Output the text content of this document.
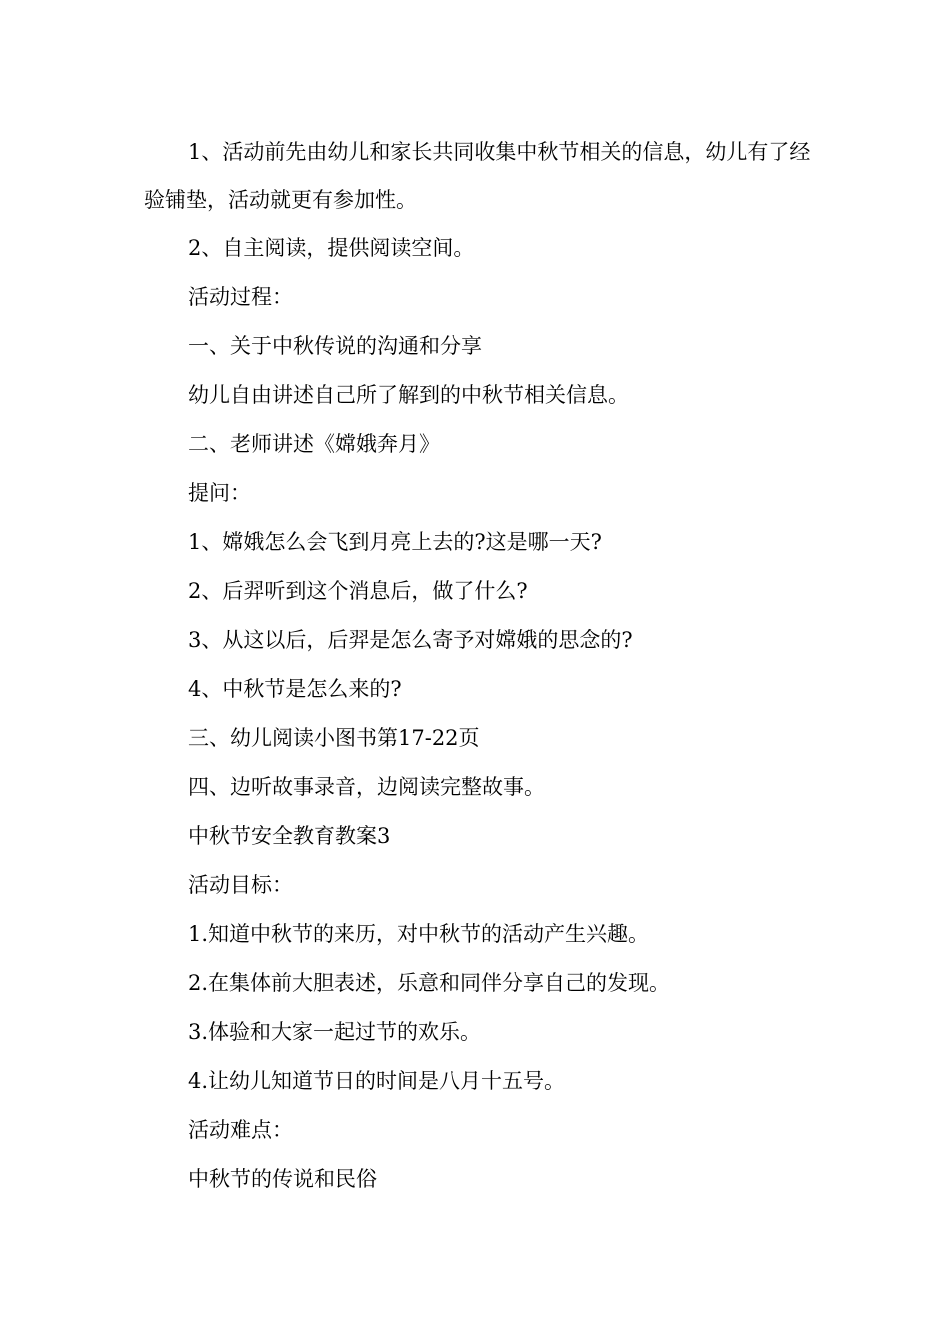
1、活动前先由幼儿和家长共同收集中秋节相关的信息，幼儿有了经验铺垫，活动就更有参加性。

2、自主阅读，提供阅读空间。

活动过程：

一、关于中秋传说的沟通和分享

幼儿自由讲述自己所了解到的中秋节相关信息。

二、老师讲述《嫦娥奔月》

提问：

1、嫦娥怎么会飞到月亮上去的?这是哪一天?

2、后羿听到这个消息后，做了什么?

3、从这以后，后羿是怎么寄予对嫦娥的思念的?

4、中秋节是怎么来的?

三、幼儿阅读小图书第17-22页

四、边听故事录音，边阅读完整故事。

中秋节安全教育教案3

活动目标：

1.知道中秋节的来历，对中秋节的活动产生兴趣。

2.在集体前大胆表述，乐意和同伴分享自己的发现。

3.体验和大家一起过节的欢乐。

4.让幼儿知道节日的时间是八月十五号。

活动难点：

中秋节的传说和民俗
